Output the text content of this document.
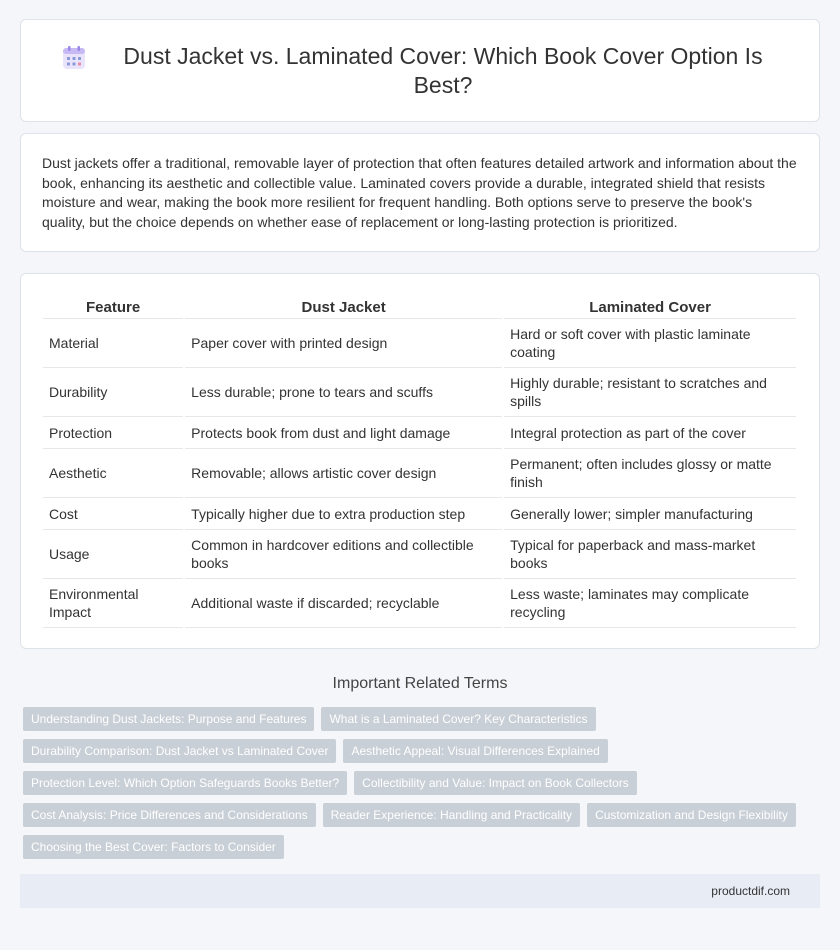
Dust Jacket vs. Laminated Cover: Which Book Cover Option Is Best?

Dust jackets offer a traditional, removable layer of protection that often features detailed artwork and information about the book, enhancing its aesthetic and collectible value. Laminated covers provide a durable, integrated shield that resists moisture and wear, making the book more resilient for frequent handling. Both options serve to preserve the book's quality, but the choice depends on whether ease of replacement or long-lasting protection is prioritized.

Feature	Dust Jacket	Laminated Cover
Material	Paper cover with printed design	Hard or soft cover with plastic laminate coating
Durability	Less durable; prone to tears and scuffs	Highly durable; resistant to scratches and spills
Protection	Protects book from dust and light damage	Integral protection as part of the cover
Aesthetic	Removable; allows artistic cover design	Permanent; often includes glossy or matte finish
Cost	Typically higher due to extra production step	Generally lower; simpler manufacturing
Usage	Common in hardcover editions and collectible books	Typical for paperback and mass-market books
Environmental Impact	Additional waste if discarded; recyclable	Less waste; laminates may complicate recycling
Important Related Terms
Understanding Dust Jackets: Purpose and Features What is a Laminated Cover? Key Characteristics
Durability Comparison: Dust Jacket vs Laminated Cover Aesthetic Appeal: Visual Differences Explained
Protection Level: Which Option Safeguards Books Better? Collectibility and Value: Impact on Book Collectors
Cost Analysis: Price Differences and Considerations Reader Experience: Handling and Practicality Customization and Design Flexibility
Choosing the Best Cover: Factors to Consider
productdif.com
